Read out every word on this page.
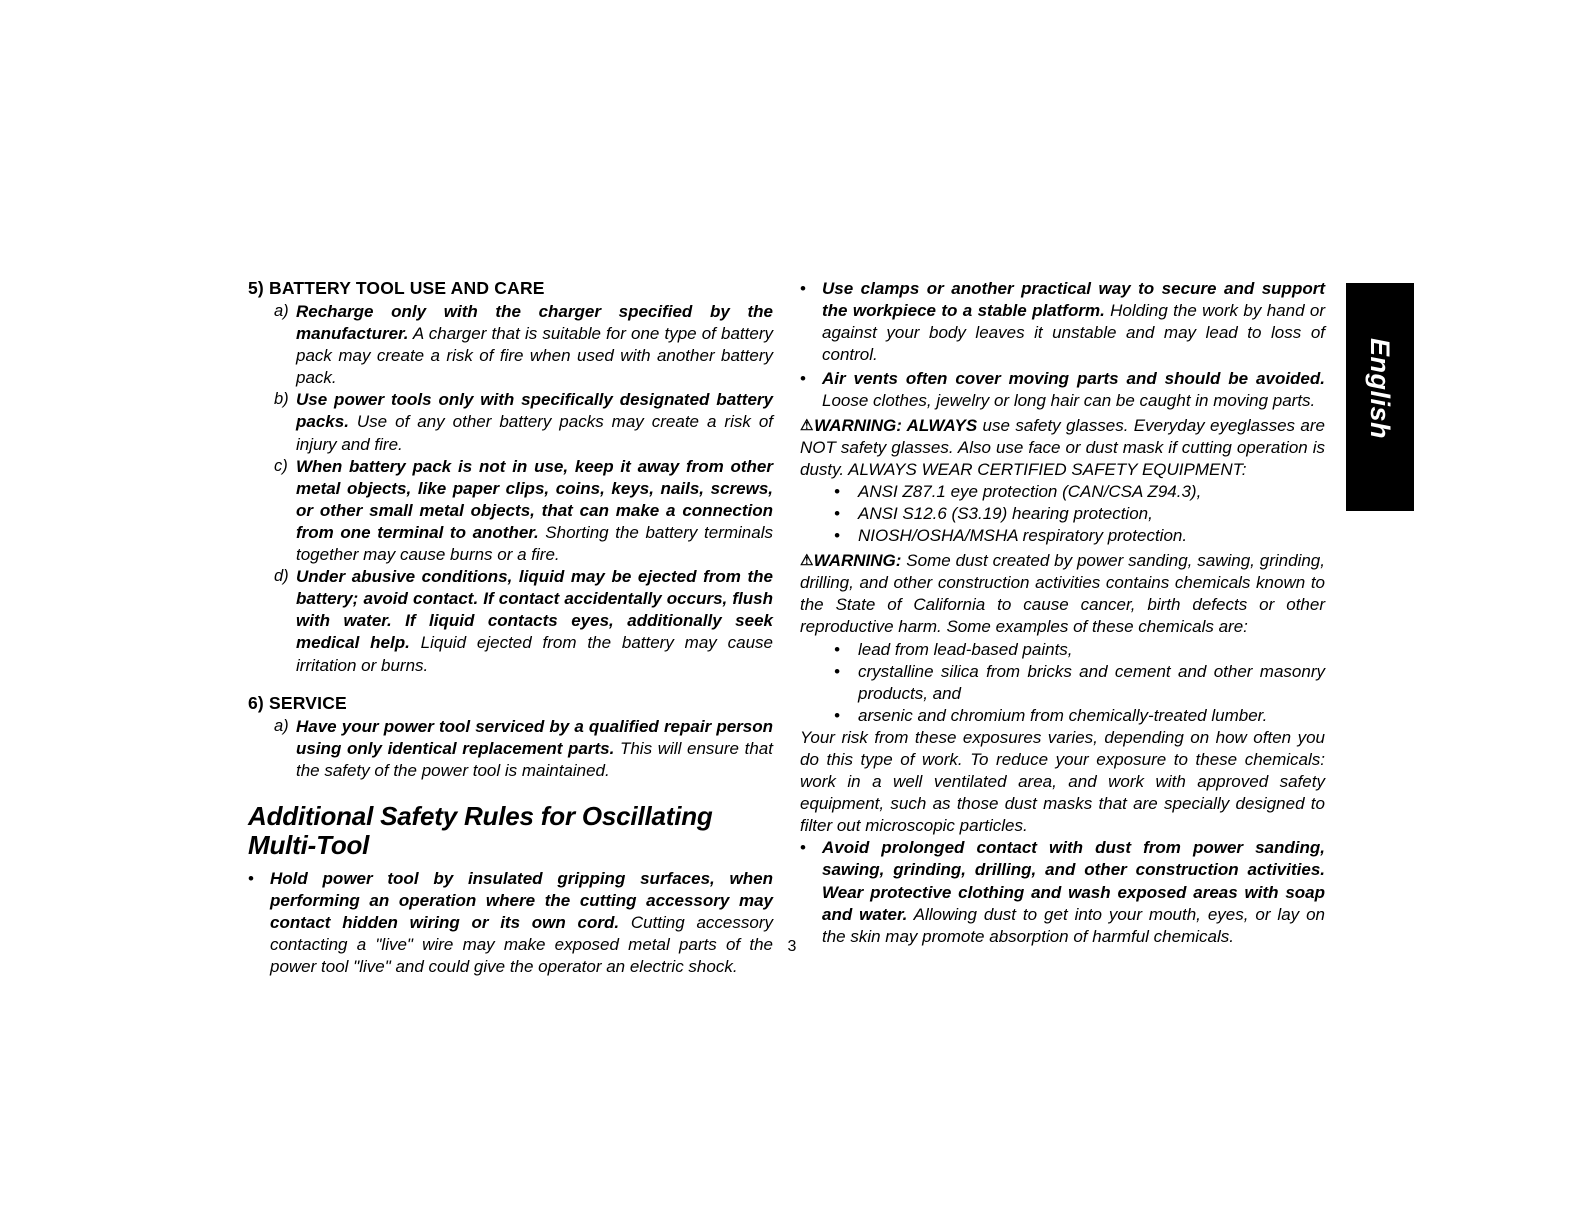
English
5) BATTERY TOOL USE AND CARE
a) Recharge only with the charger specified by the manufacturer. A charger that is suitable for one type of battery pack may create a risk of fire when used with another battery pack.
b) Use power tools only with specifically designated battery packs. Use of any other battery packs may create a risk of injury and fire.
c) When battery pack is not in use, keep it away from other metal objects, like paper clips, coins, keys, nails, screws, or other small metal objects, that can make a connection from one terminal to another. Shorting the battery terminals together may cause burns or a fire.
d) Under abusive conditions, liquid may be ejected from the battery; avoid contact. If contact accidentally occurs, flush with water. If liquid contacts eyes, additionally seek medical help. Liquid ejected from the battery may cause irritation or burns.
6) SERVICE
a) Have your power tool serviced by a qualified repair person using only identical replacement parts. This will ensure that the safety of the power tool is maintained.
Additional Safety Rules for Oscillating Multi-Tool
• Hold power tool by insulated gripping surfaces, when performing an operation where the cutting accessory may contact hidden wiring or its own cord. Cutting accessory contacting a "live" wire may make exposed metal parts of the power tool "live" and could give the operator an electric shock.
• Use clamps or another practical way to secure and support the workpiece to a stable platform. Holding the work by hand or against your body leaves it unstable and may lead to loss of control.
• Air vents often cover moving parts and should be avoided. Loose clothes, jewelry or long hair can be caught in moving parts.

⚠WARNING: ALWAYS use safety glasses. Everyday eyeglasses are NOT safety glasses. Also use face or dust mask if cutting operation is dusty. ALWAYS WEAR CERTIFIED SAFETY EQUIPMENT:

•	ANSI Z87.1 eye protection (CAN/CSA Z94.3),
•	ANSI S12.6 (S3.19) hearing protection,
•	NIOSH/OSHA/MSHA respiratory protection.

⚠WARNING: Some dust created by power sanding, sawing, grinding, drilling, and other construction activities contains chemicals known to the State of California to cause cancer, birth defects or other reproductive harm. Some examples of these chemicals are:

•	lead from lead-based paints,
•	crystalline silica from bricks and cement and other masonry products, and
•	arsenic and chromium from chemically-treated lumber.

Your risk from these exposures varies, depending on how often you do this type of work. To reduce your exposure to these chemicals: work in a well ventilated area, and work with approved safety equipment, such as those dust masks that are specially designed to filter out microscopic particles.

• Avoid prolonged contact with dust from power sanding, sawing, grinding, drilling, and other construction activities. Wear protective clothing and wash exposed areas with soap and water. Allowing dust to get into your mouth, eyes, or lay on the skin may promote absorption of harmful chemicals.
3
